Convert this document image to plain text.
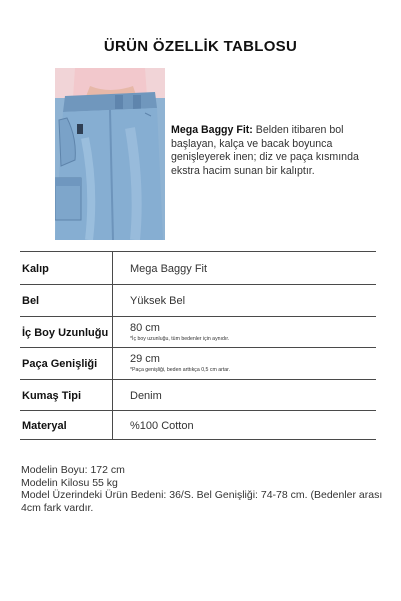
ÜRÜN ÖZELLİK TABLOSU
Mega Baggy Fit: Belden itibaren bol başlayan, kalça ve bacak boyunca genişleyerek inen; diz ve paça kısmında ekstra hacim sunan bir kalıptır.
Kalıp	Mega Baggy Fit
Bel	Yüksek Bel
İç Boy Uzunluğu 80 cm
*İç boy uzunluğu, tüm bedenler için aynıdır.
Paça Genişliği	29 cm
*Paça genişliği, beden arttıkça 0,5 cm artar.
Kumaş Tipi	Denim
Materyal	%100 Cotton
Modelin Boyu: 172 cm
Modelin Kilosu 55 kg
Model Üzerindeki Ürün Bedeni: 36/S. Bel Genişliği: 74-78 cm. (Bedenler arası 4cm fark vardır.
